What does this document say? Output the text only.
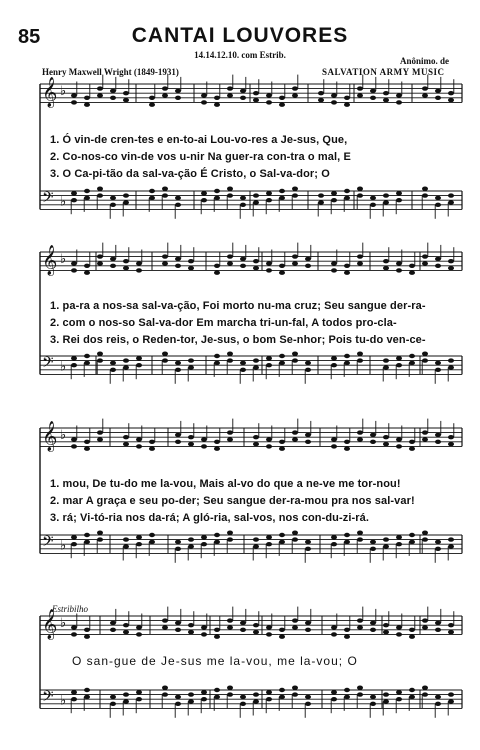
85	CANTAI LOUVORES
14.14.12.10. com Estrib.
Anônimo. de
Henry Maxwell Wright (1849-1931)	SALVATION ARMY MUSIC
Estribilho
𝄞 ♭
𝄢 ♭
𝄞 ♭
𝄢 ♭
𝄞 ♭
𝄢 ♭
𝄞 ♭
𝄢 ♭
1. Ó vin-de cren-tes e en-to-ai Lou-vo-res a Je-sus, Que,
2. Co-nos-co vin-de vos u-nir Na guer-ra con-tra o mal, E
3. O Ca-pi-tão da sal-va-ção É Cristo, o Sal-va-dor; O
1. pa-ra a nos-sa sal-va-ção, Foi morto nu-ma cruz; Seu sangue der-ra-
2. com o nos-so Sal-va-dor Em marcha tri-un-fal, A todos pro-cla-
3. Rei dos reis, o Reden-tor, Je-sus, o bom Se-nhor; Pois tu-do ven-ce-
1. mou, De tu-do me la-vou, Mais al-vo do que a ne-ve me tor-nou!
2. mar A graça e seu po-der; Seu sangue der-ra-mou pra nos sal-var!
3. rá; Vi-tó-ria nos da-rá; A gló-ria, sal-vos, nos con-du-zi-rá.
O san-gue de Je-sus me la-vou, me la-vou; O
